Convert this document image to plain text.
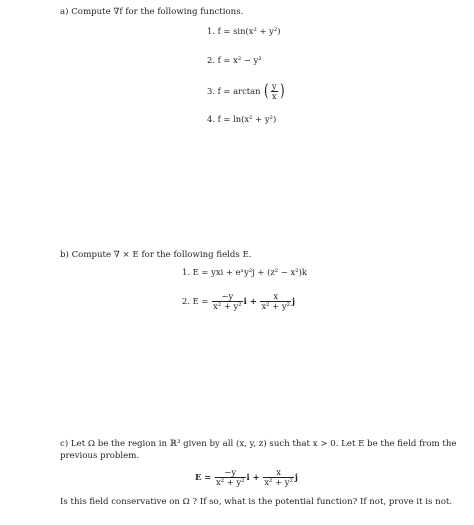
a) Compute ∇f for the following functions.
1. f = sin(x² + y²)
2. f = x² − y²
3. f = arctan ( $\frac{y}{x}$ )
4. f = ln(x² + y²)
b) Compute ∇ × E for the following fields E.
1. E = yxi + eˣy²j + (z² − x²)k
2. $E = \frac{-y}{\text{x² + y²}}$ $i + \frac{x}{\text{x² + y²}}$ j
c) Let Ω be the region in ℝ³ given by all (x, y, z) such that x > 0. Let E be the field from the
previous problem.
$E = \frac{-y}{\text{x² + y²}}$ $i + \frac{x}{\text{x² + y²}}$ j
Is this field conservative on Ω ? If so, what is the potential function? If not, prove it is not.
